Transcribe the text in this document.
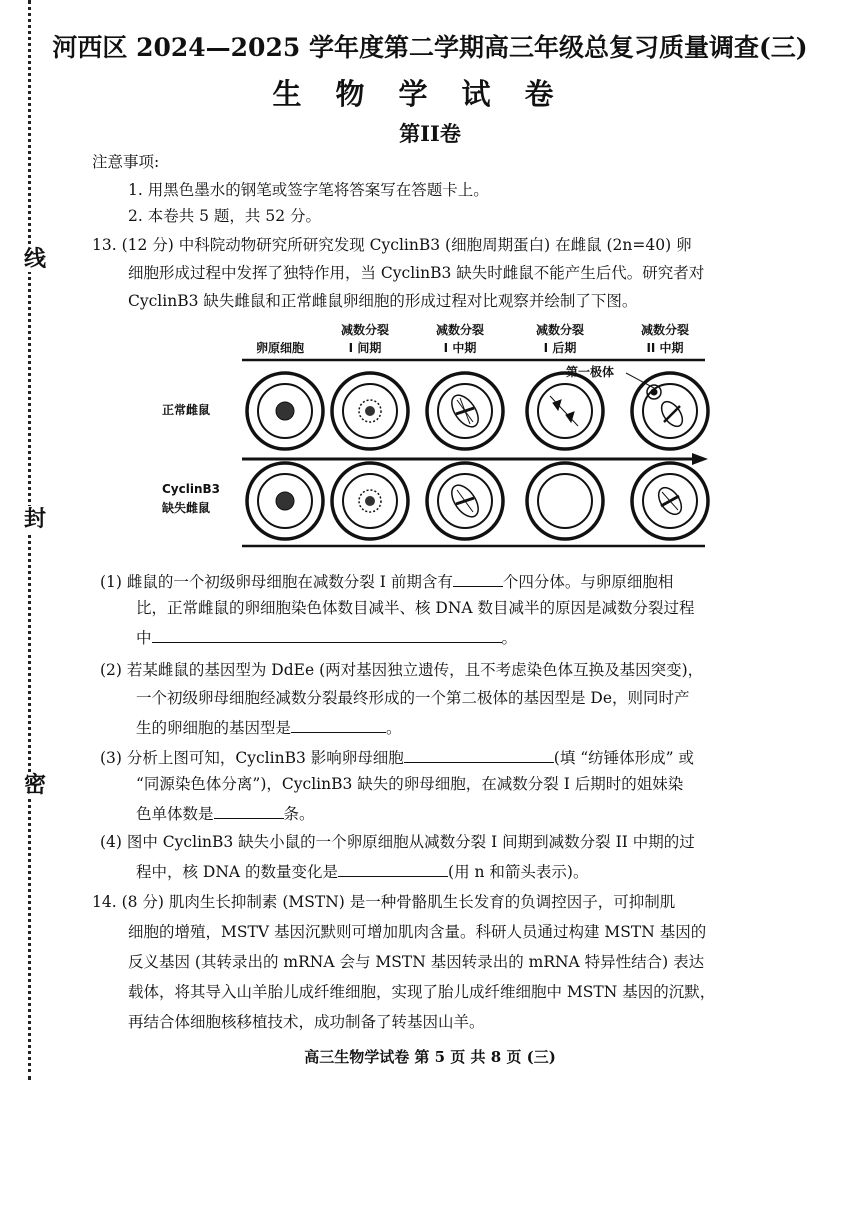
线
封
密
河西区 2024—2025 学年度第二学期高三年级总复习质量调查(三)
生物学试卷
第II卷
注意事项:
1. 用黑色墨水的钢笔或签字笔将答案写在答题卡上。
2. 本卷共 5 题，共 52 分。
13. (12 分) 中科院动物研究所研究发现 CyclinB3 (细胞周期蛋白) 在雌鼠 (2n=40) 卵
细胞形成过程中发挥了独特作用，当 CyclinB3 缺失时雌鼠不能产生后代。研究者对
CyclinB3 缺失雌鼠和正常雌鼠卵细胞的形成过程对比观察并绘制了下图。
卵原细胞
减数分裂
I 间期
减数分裂
I 中期
减数分裂
I 后期
减数分裂
II 中期
正常雌鼠
CyclinB3
缺失雌鼠
第一极体
(1) 雌鼠的一个初级卵母细胞在减数分裂 I 前期含有	个四分体。与卵原细胞相
比，正常雌鼠的卵细胞染色体数目减半、核 DNA 数目减半的原因是减数分裂过程
中	。
(2) 若某雌鼠的基因型为 DdEe (两对基因独立遗传，且不考虑染色体互换及基因突变)，
一个初级卵母细胞经减数分裂最终形成的一个第二极体的基因型是 De，则同时产
生的卵细胞的基因型是	。
(3) 分析上图可知，CyclinB3 影响卵母细胞	(填 “纺锤体形成” 或
“同源染色体分离”)，CyclinB3 缺失的卵母细胞，在减数分裂 I 后期时的姐妹染
色单体数是	条。
(4) 图中 CyclinB3 缺失小鼠的一个卵原细胞从减数分裂 I 间期到减数分裂 II 中期的过
程中，核 DNA 的数量变化是	(用 n 和箭头表示)。
14. (8 分) 肌肉生长抑制素 (MSTN) 是一种骨骼肌生长发育的负调控因子，可抑制肌
细胞的增殖，MSTV 基因沉默则可增加肌肉含量。科研人员通过构建 MSTN 基因的
反义基因 (其转录出的 mRNA 会与 MSTN 基因转录出的 mRNA 特异性结合) 表达
载体，将其导入山羊胎儿成纤维细胞，实现了胎儿成纤维细胞中 MSTN 基因的沉默，
再结合体细胞核移植技术，成功制备了转基因山羊。
高三生物学试卷 第 5 页 共 8 页 (三)
